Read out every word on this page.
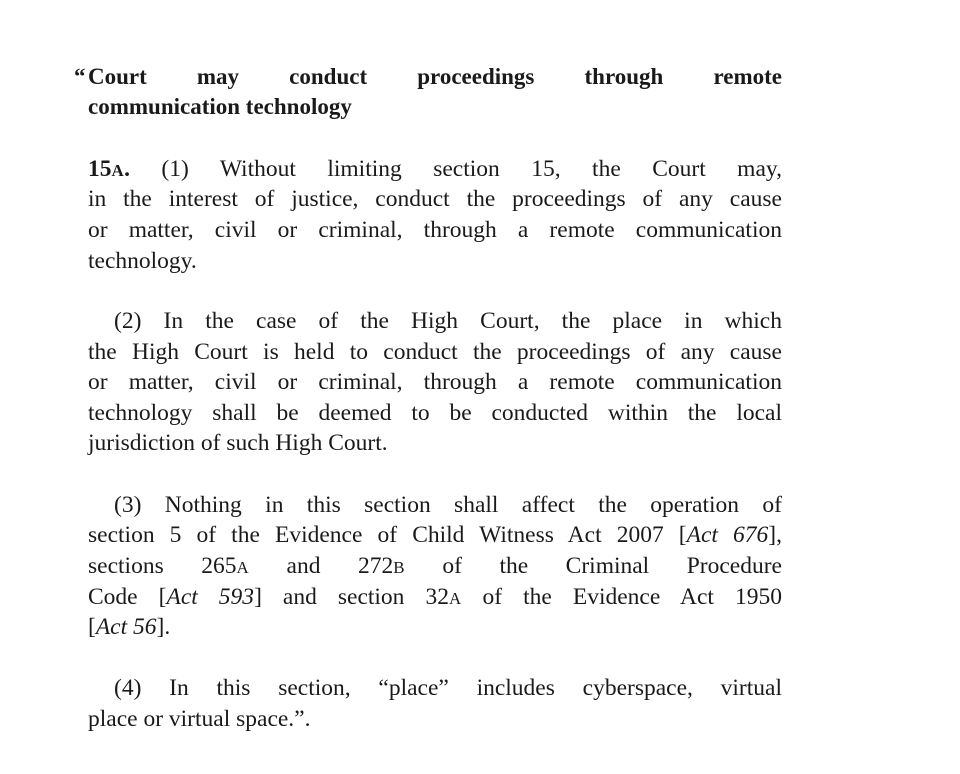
“ Court may conduct proceedings through remote
communication technology
15A. (1) Without limiting section 15, the Court may,
in the interest of justice, conduct the proceedings of any cause
or matter, civil or criminal, through a remote communication
technology.
(2) In the case of the High Court, the place in which
the High Court is held to conduct the proceedings of any cause
or matter, civil or criminal, through a remote communication
technology shall be deemed to be conducted within the local
jurisdiction of such High Court.
(3) Nothing in this section shall affect the operation of
section 5 of the Evidence of Child Witness Act 2007 [Act 676],
sections 265A and 272B of the Criminal Procedure
Code [Act 593] and section 32A of the Evidence Act 1950
[Act 56].
(4) In this section, “place” includes cyberspace, virtual
place or virtual space.”.
